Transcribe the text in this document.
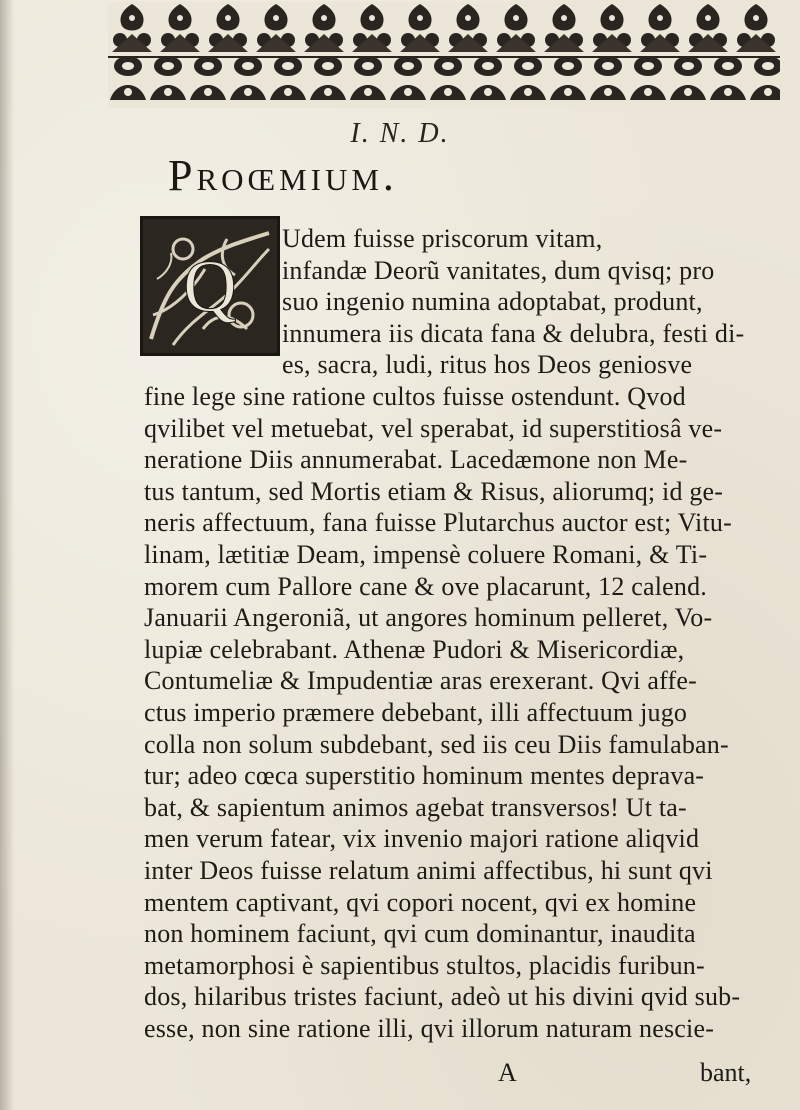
I. N. D.
Proœmium.
Q
Udem fuisse priscorum vitam,
infandæ Deorũ vanitates, dum qvisq; pro
suo ingenio numina adoptabat, produnt,
innumera iis dicata fana & delubra, festi di-
es, sacra, ludi, ritus hos Deos geniosve
fine lege sine ratione cultos fuisse ostendunt. Qvod
qvilibet vel metuebat, vel sperabat, id superstitiosâ ve-
neratione Diis annumerabat. Lacedæmone non Me-
tus tantum, sed Mortis etiam & Risus, aliorumq; id ge-
neris affectuum, fana fuisse Plutarchus auctor est; Vitu-
linam, lætitiæ Deam, impensè coluere Romani, & Ti-
morem cum Pallore cane & ove placarunt, 12 calend.
Januarii Angeroniã, ut angores hominum pelleret, Vo-
lupiæ celebrabant. Athenæ Pudori & Misericordiæ,
Contumeliæ & Impudentiæ aras erexerant. Qvi affe-
ctus imperio præmere debebant, illi affectuum jugo
colla non solum subdebant, sed iis ceu Diis famulaban-
tur; adeo cœca superstitio hominum mentes deprava-
bat, & sapientum animos agebat transversos! Ut ta-
men verum fatear, vix invenio majori ratione aliqvid
inter Deos fuisse relatum animi affectibus, hi sunt qvi
mentem captivant, qvi copori nocent, qvi ex homine
non hominem faciunt, qvi cum dominantur, inaudita
metamorphosi è sapientibus stultos, placidis furibun-
dos, hilaribus tristes faciunt, adeò ut his divini qvid sub-
esse, non sine ratione illi, qvi illorum naturam nescie-
A	bant,
